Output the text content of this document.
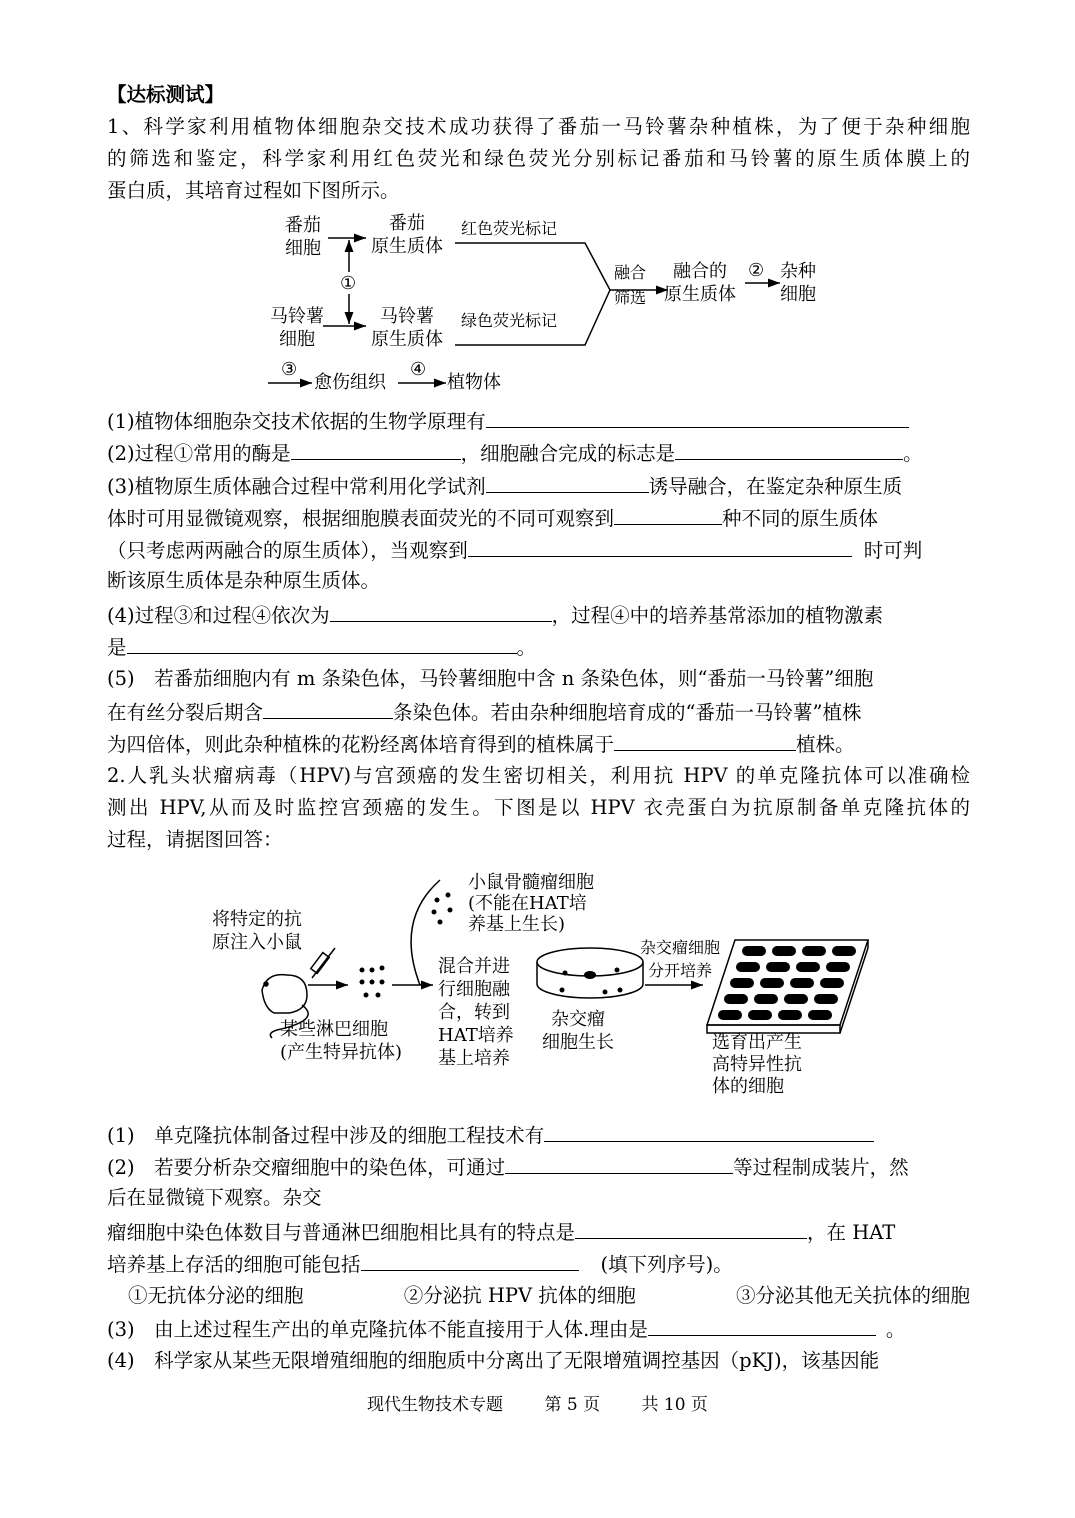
【达标测试】
1、科学家利用植物体细胞杂交技术成功获得了番茄一马铃薯杂种植株，为了便于杂种细胞
的筛选和鉴定，科学家利用红色荧光和绿色荧光分别标记番茄和马铃薯的原生质体膜上的
蛋白质，其培育过程如下图所示。
番茄
细胞
番茄
原生质体
红色荧光标记
马铃薯
细胞
马铃薯
原生质体
绿色荧光标记
①
融合
筛选
融合的
原生质体
② 杂种
细胞
③
愈伤组织
④
植物体
(1)植物体细胞杂交技术依据的生物学原理有
(2)过程①常用的酶是	，细胞融合完成的标志是	。
(3)植物原生质体融合过程中常利用化学试剂	诱导融合，在鉴定杂种原生质
体时可用显微镜观察，根据细胞膜表面荧光的不同可观察到	种不同的原生质体
（只考虑两两融合的原生质体），当观察到	时可判
断该原生质体是杂种原生质体。
(4)过程③和过程④依次为	，过程④中的培养基常添加的植物激素
是	。
(5)　若番茄细胞内有 m 条染色体，马铃薯细胞中含 n 条染色体，则“番茄一马铃薯”细胞
在有丝分裂后期含	条染色体。若由杂种细胞培育成的“番茄一马铃薯”植株
为四倍体，则此杂种植株的花粉经离体培育得到的植株属于	植株。
2.人乳头状瘤病毒（HPV)与宫颈癌的发生密切相关，利用抗 HPV 的单克隆抗体可以准确检
测出 HPV,从而及时监控宫颈癌的发生。下图是以 HPV 衣壳蛋白为抗原制备单克隆抗体的
过程，请据图回答：
将特定的抗
原注入小鼠
小鼠骨髓瘤细胞
(不能在HAT培
养基上生长)
某些淋巴细胞
(产生特异抗体)
混合并进
行细胞融
合，转到
HAT培养
基上培养
杂交瘤
细胞生长
杂交瘤细胞
分开培养
选育出产生
高特异性抗
体的细胞
(1)　单克隆抗体制备过程中涉及的细胞工程技术有
(2)　若要分析杂交瘤细胞中的染色体，可通过	等过程制成装片，然
后在显微镜下观察。杂交
瘤细胞中染色体数目与普通淋巴细胞相比具有的特点是	，在 HAT
培养基上存活的细胞可能包括	(填下列序号)。
①无抗体分泌的细胞	②分泌抗 HPV 抗体的细胞	③分泌其他无关抗体的细胞
(3)　由上述过程生产出的单克隆抗体不能直接用于人体.理由是	。
(4)　科学家从某些无限增殖细胞的细胞质中分离出了无限增殖调控基因（pKJ)，该基因能
现代生物技术专题 第 5 页 共 10 页
